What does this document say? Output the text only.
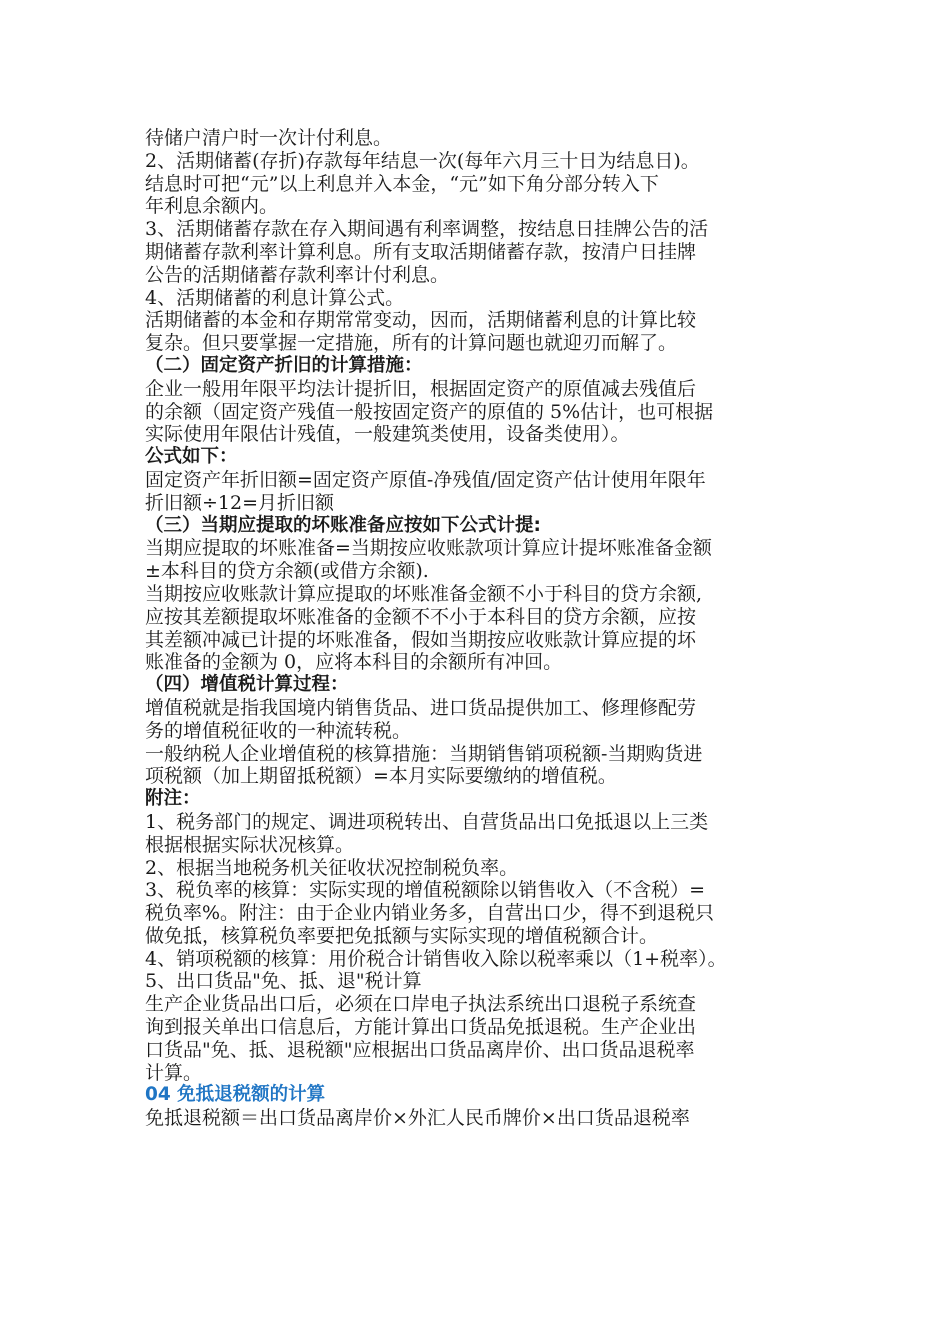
待储户清户时一次计付利息。
2、活期储蓄(存折)存款每年结息一次(每年六月三十日为结息日)。
结息时可把“元”以上利息并入本金，“元”如下角分部分转入下
年利息余额内。
3、活期储蓄存款在存入期间遇有利率调整，按结息日挂牌公告的活
期储蓄存款利率计算利息。所有支取活期储蓄存款，按清户日挂牌
公告的活期储蓄存款利率计付利息。
4、活期储蓄的利息计算公式。
活期储蓄的本金和存期常常变动，因而，活期储蓄利息的计算比较
复杂。但只要掌握一定措施，所有的计算问题也就迎刃而解了。
（二）固定资产折旧的计算措施：
企业一般用年限平均法计提折旧，根据固定资产的原值减去残值后
的余额（固定资产残值一般按固定资产的原值的 5%估计，也可根据
实际使用年限估计残值，一般建筑类使用，设备类使用）。
公式如下：
固定资产年折旧额=固定资产原值-净残值/固定资产估计使用年限年
折旧额÷12=月折旧额
（三）当期应提取的坏账准备应按如下公式计提:
当期应提取的坏账准备=当期按应收账款项计算应计提坏账准备金额
±本科目的贷方余额(或借方余额).
当期按应收账款计算应提取的坏账准备金额不小于科目的贷方余额,
应按其差额提取坏账准备的金额不不小于本科目的贷方余额，应按
其差额冲减已计提的坏账准备，假如当期按应收账款计算应提的坏
账准备的金额为 0，应将本科目的余额所有冲回。
（四）增值税计算过程：
增值税就是指我国境内销售货品、进口货品提供加工、修理修配劳
务的增值税征收的一种流转税。
一般纳税人企业增值税的核算措施：当期销售销项税额-当期购货进
项税额（加上期留抵税额）=本月实际要缴纳的增值税。
附注：
1、税务部门的规定、调进项税转出、自营货品出口免抵退以上三类
根据根据实际状况核算。
2、根据当地税务机关征收状况控制税负率。
3、税负率的核算：实际实现的增值税额除以销售收入（不含税）=
税负率%。附注：由于企业内销业务多，自营出口少，得不到退税只
做免抵，核算税负率要把免抵额与实际实现的增值税额合计。
4、销项税额的核算：用价税合计销售收入除以税率乘以（1+税率）。
5、出口货品"免、抵、退"税计算
生产企业货品出口后，必须在口岸电子执法系统出口退税子系统查
询到报关单出口信息后，方能计算出口货品免抵退税。生产企业出
口货品"免、抵、退税额"应根据出口货品离岸价、出口货品退税率
计算。
04 免抵退税额的计算
免抵退税额＝出口货品离岸价×外汇人民币牌价×出口货品退税率
